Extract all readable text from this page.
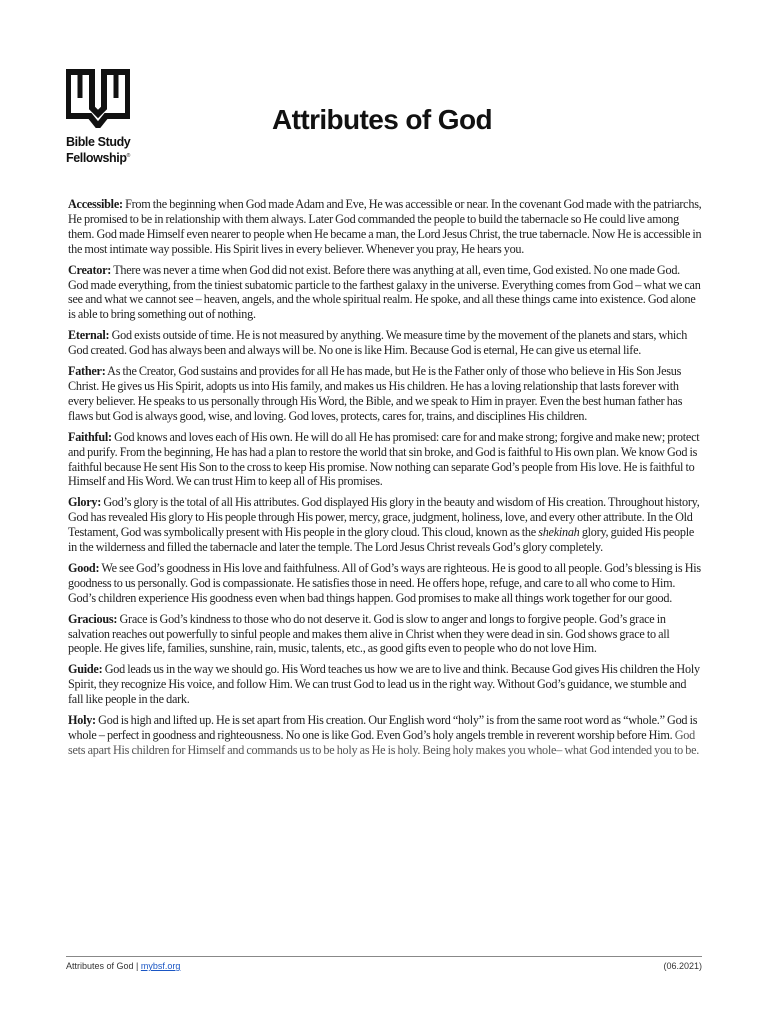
Bible Study
Fellowship®
Attributes of God

Accessible: From the beginning when God made Adam and Eve, He was accessible or near. In the covenant God made with the patriarchs, He promised to be in relationship with them always. Later God commanded the people to build the tabernacle so He could live among them. God made Himself even nearer to people when He became a man, the Lord Jesus Christ, the true tabernacle. Now He is accessible in the most intimate way possible. His Spirit lives in every believer. Whenever you pray, He hears you.

Creator: There was never a time when God did not exist. Before there was anything at all, even time, God existed. No one made God. God made everything, from the tiniest subatomic particle to the farthest galaxy in the universe. Everything comes from God – what we can see and what we cannot see – heaven, angels, and the whole spiritual realm. He spoke, and all these things came into existence. God alone is able to bring something out of nothing.

Eternal: God exists outside of time. He is not measured by anything. We measure time by the movement of the planets and stars, which God created. God has always been and always will be. No one is like Him. Because God is eternal, He can give us eternal life.

Father: As the Creator, God sustains and provides for all He has made, but He is the Father only of those who believe in His Son Jesus Christ. He gives us His Spirit, adopts us into His family, and makes us His children. He has a loving relationship that lasts forever with every believer. He speaks to us personally through His Word, the Bible, and we speak to Him in prayer. Even the best human father has flaws but God is always good, wise, and loving. God loves, protects, cares for, trains, and disciplines His children.

Faithful: God knows and loves each of His own. He will do all He has promised: care for and make strong; forgive and make new; protect and purify. From the beginning, He has had a plan to restore the world that sin broke, and God is faithful to His own plan. We know God is faithful because He sent His Son to the cross to keep His promise. Now nothing can separate God’s people from His love. He is faithful to Himself and His Word. We can trust Him to keep all of His promises.

Glory: God’s glory is the total of all His attributes. God displayed His glory in the beauty and wisdom of His creation. Throughout history, God has revealed His glory to His people through His power, mercy, grace, judgment, holiness, love, and every other attribute. In the Old Testament, God was symbolically present with His people in the glory cloud. This cloud, known as the shekinah glory, guided His people in the wilderness and filled the tabernacle and later the temple. The Lord Jesus Christ reveals God’s glory completely.

Good: We see God’s goodness in His love and faithfulness. All of God’s ways are righteous. He is good to all people. God’s blessing is His goodness to us personally. God is compassionate. He satisfies those in need. He offers hope, refuge, and care to all who come to Him. God’s children experience His goodness even when bad things happen. God promises to make all things work together for our good.

Gracious: Grace is God’s kindness to those who do not deserve it. God is slow to anger and longs to forgive people. God’s grace in salvation reaches out powerfully to sinful people and makes them alive in Christ when they were dead in sin. God shows grace to all people. He gives life, families, sunshine, rain, music, talents, etc., as good gifts even to people who do not love Him.

Guide: God leads us in the way we should go. His Word teaches us how we are to live and think. Because God gives His children the Holy Spirit, they recognize His voice, and follow Him. We can trust God to lead us in the right way. Without God’s guidance, we stumble and fall like people in the dark.

Holy: God is high and lifted up. He is set apart from His creation. Our English word “holy” is from the same root word as “whole.” God is whole – perfect in goodness and righteousness. No one is like God. Even God’s holy angels tremble in reverent worship before Him. God sets apart His children for Himself and commands us to be holy as He is holy. Being holy makes you whole– what God intended you to be.

Attributes of God | mybsf.org	(06.2021)
